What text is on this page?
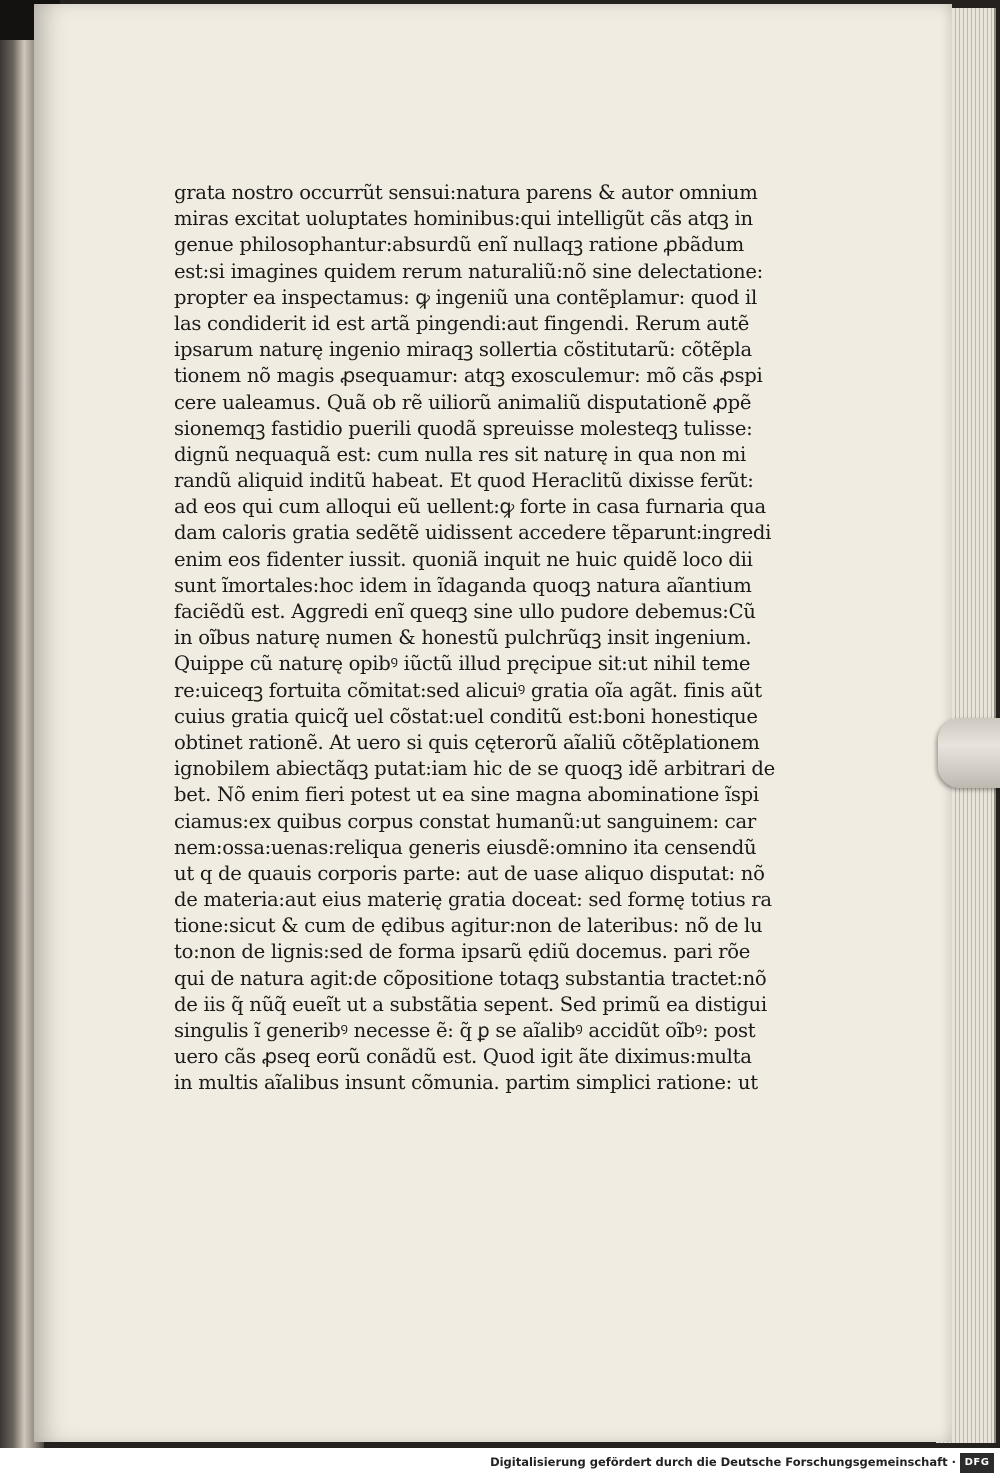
grata nostro occurrũt sensui:natura parens & autor omnium
miras excitat uoluptates hominibus:qui intelligũt cãs atqꝫ in
genue philosophantur:absurdũ enĩ nullaqꝫ ratione ꝓbãdum
est:si imagines quidem rerum naturaliũ:nõ sine delectatione:
propter ea inspectamus: ꝙ ingeniũ una contẽplamur: quod il
las condiderit id est artã pingendi:aut fingendi. Rerum autẽ
ipsarum naturę ingenio miraqꝫ sollertia cõstitutarũ: cõtẽpla
tionem nõ magis ꝓsequamur: atqꝫ exosculemur: mõ cãs ꝓspi
cere ualeamus. Quã ob rẽ uiliorũ animaliũ disputationẽ ꝓpẽ
sionemqꝫ fastidio puerili quodã spreuisse molesteqꝫ tulisse:
dignũ nequaquã est: cum nulla res sit naturę in qua non mi
randũ aliquid inditũ habeat. Et quod Heraclitũ dixisse ferũt:
ad eos qui cum alloqui eũ uellent:ꝙ forte in casa furnaria qua
dam caloris gratia sedẽtẽ uidissent accedere tẽparunt:ingredi
enim eos fidenter iussit. quoniã inquit ne huic quidẽ loco dii
sunt ĩmortales:hoc idem in ĩdaganda quoqꝫ natura aĩantium
faciẽdũ est. Aggredi enĩ queqꝫ sine ullo pudore debemus:Cũ
in oĩbus naturę numen & honestũ pulchrũqꝫ insit ingenium.
Quippe cũ naturę opibꝰ iũctũ illud pręcipue sit:ut nihil teme
re:uiceqꝫ fortuita cõmitat:sed alicuiꝰ gratia oĩa agãt. finis aũt
cuius gratia quicq̃ uel cõstat:uel conditũ est:boni honestique
obtinet rationẽ. At uero si quis cęterorũ aĩaliũ cõtẽplationem
ignobilem abiectãqꝫ putat:iam hic de se quoqꝫ idẽ arbitrari de
bet. Nõ enim fieri potest ut ea sine magna abominatione ĩspi
ciamus:ex quibus corpus constat humanũ:ut sanguinem: car
nem:ossa:uenas:reliqua generis eiusdẽ:omnino ita censendũ
ut q de quauis corporis parte: aut de uase aliquo disputat: nõ
de materia:aut eius materię gratia doceat: sed formę totius ra
tione:sicut & cum de ędibus agitur:non de lateribus: nõ de lu
to:non de lignis:sed de forma ipsarũ ędiũ docemus. pari rõe
qui de natura agit:de cõpositione totaqꝫ substantia tractet:nõ
de iis q̃ nũq̃ eueĩt ut a substãtia sepent. Sed primũ ea distigui
singulis ĩ generibꝰ necesse ẽ: q̃ ꝑ se aĩalibꝰ accidũt oĩbꝰ: post
uero cãs ꝓseq eorũ conãdũ est. Quod igit ãte diximus:multa
in multis aĩalibus insunt cõmunia. partim simplici ratione: ut
Digitalisierung gefördert durch die Deutsche Forschungsgemeinschaft · DFG
